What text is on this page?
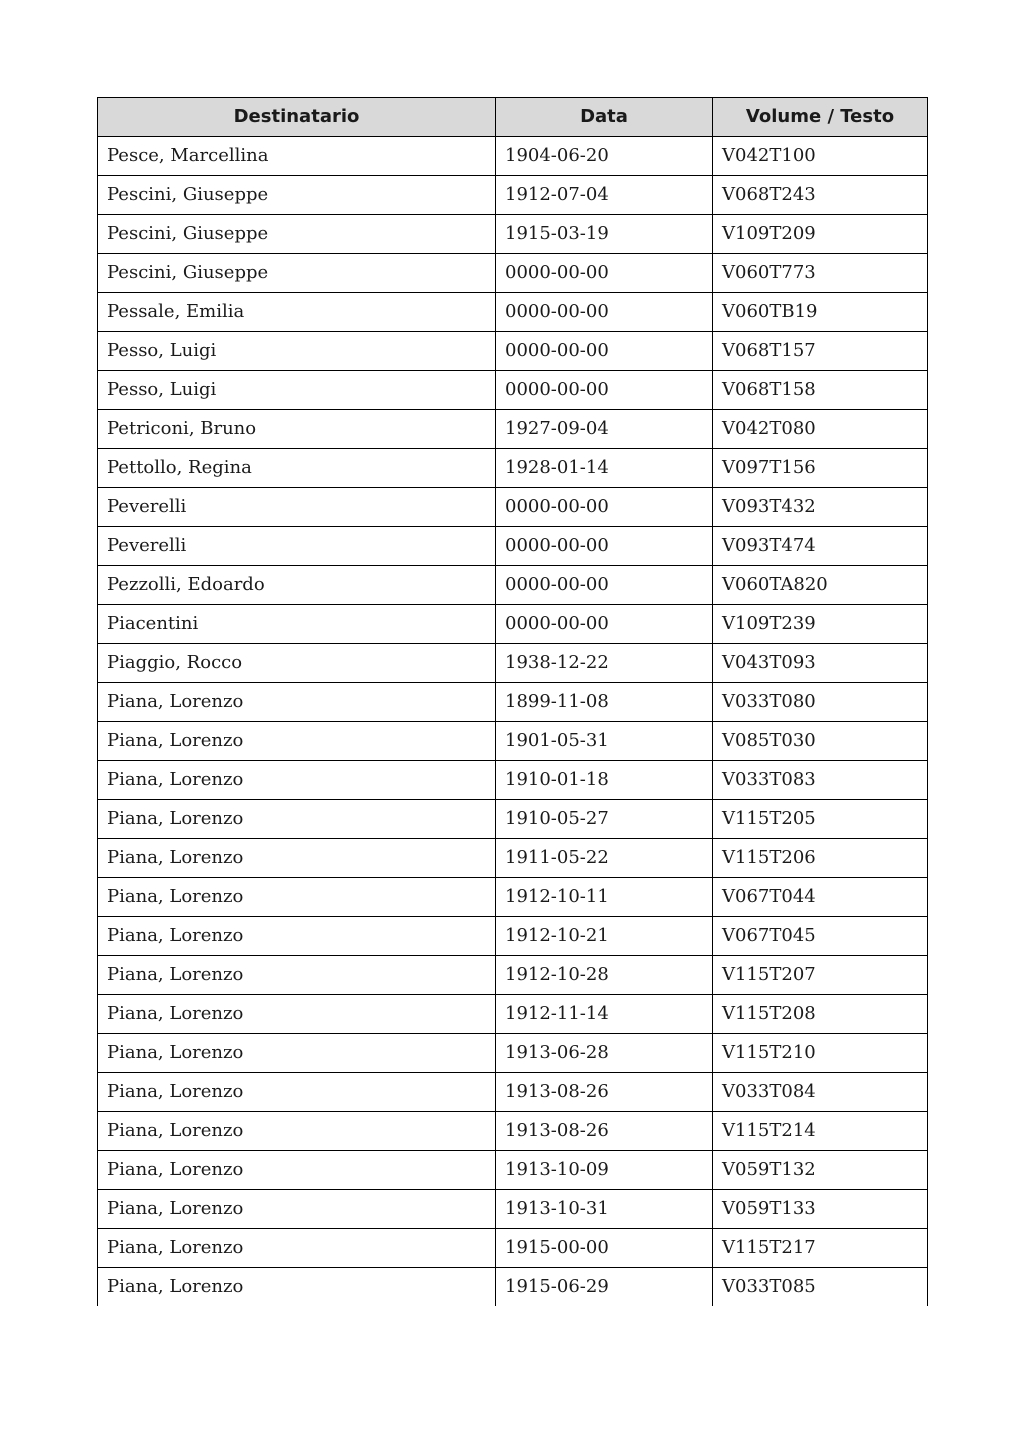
Destinatario	Data	Volume / Testo
Pesce, Marcellina	1904-06-20	V042T100
Pescini, Giuseppe	1912-07-04	V068T243
Pescini, Giuseppe	1915-03-19	V109T209
Pescini, Giuseppe	0000-00-00	V060T773
Pessale, Emilia	0000-00-00	V060TB19
Pesso, Luigi	0000-00-00	V068T157
Pesso, Luigi	0000-00-00	V068T158
Petriconi, Bruno	1927-09-04	V042T080
Pettollo, Regina	1928-01-14	V097T156
Peverelli	0000-00-00	V093T432
Peverelli	0000-00-00	V093T474
Pezzolli, Edoardo	0000-00-00	V060TA820
Piacentini	0000-00-00	V109T239
Piaggio, Rocco	1938-12-22	V043T093
Piana, Lorenzo	1899-11-08	V033T080
Piana, Lorenzo	1901-05-31	V085T030
Piana, Lorenzo	1910-01-18	V033T083
Piana, Lorenzo	1910-05-27	V115T205
Piana, Lorenzo	1911-05-22	V115T206
Piana, Lorenzo	1912-10-11	V067T044
Piana, Lorenzo	1912-10-21	V067T045
Piana, Lorenzo	1912-10-28	V115T207
Piana, Lorenzo	1912-11-14	V115T208
Piana, Lorenzo	1913-06-28	V115T210
Piana, Lorenzo	1913-08-26	V033T084
Piana, Lorenzo	1913-08-26	V115T214
Piana, Lorenzo	1913-10-09	V059T132
Piana, Lorenzo	1913-10-31	V059T133
Piana, Lorenzo	1915-00-00	V115T217
Piana, Lorenzo	1915-06-29	V033T085
